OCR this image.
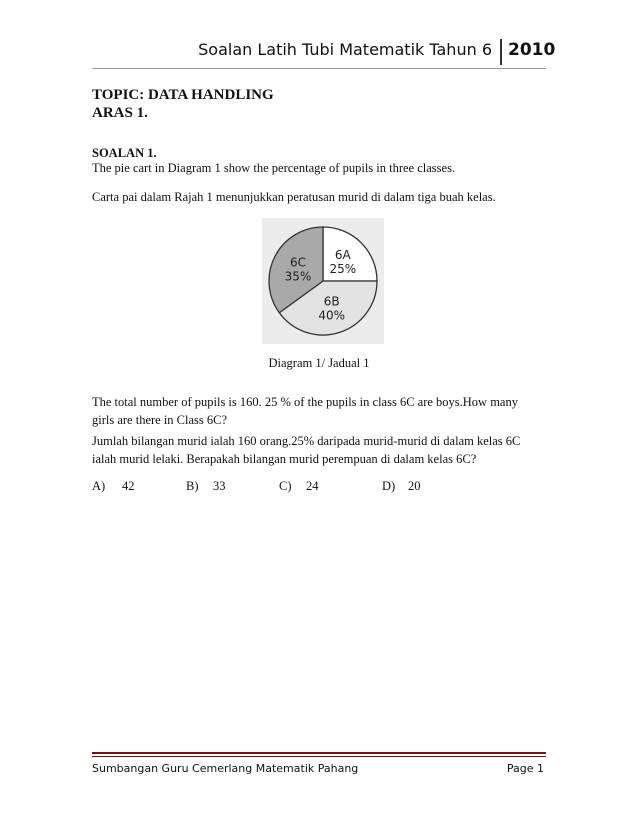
Soalan Latih Tubi Matematik Tahun 6 2010
TOPIC: DATA HANDLING
ARAS 1.
SOALAN 1.
The pie cart in Diagram 1 show the percentage of pupils in three classes.
Carta pai dalam Rajah 1 menunjukkan peratusan murid di dalam tiga buah kelas.
6A
25%
6B
40%
6C
35%
Diagram 1/ Jadual 1
The total number of pupils is 160. 25 % of the pupils in class 6C are boys.How many
girls are there in Class 6C?
Jumlah bilangan murid ialah 160 orang.25% daripada murid-murid di dalam kelas 6C
ialah murid lelaki. Berapakah bilangan murid perempuan di dalam kelas 6C?
A) 42	B) 33	C) 24	D) 20
Sumbangan Guru Cemerlang Matematik Pahang	Page 1
